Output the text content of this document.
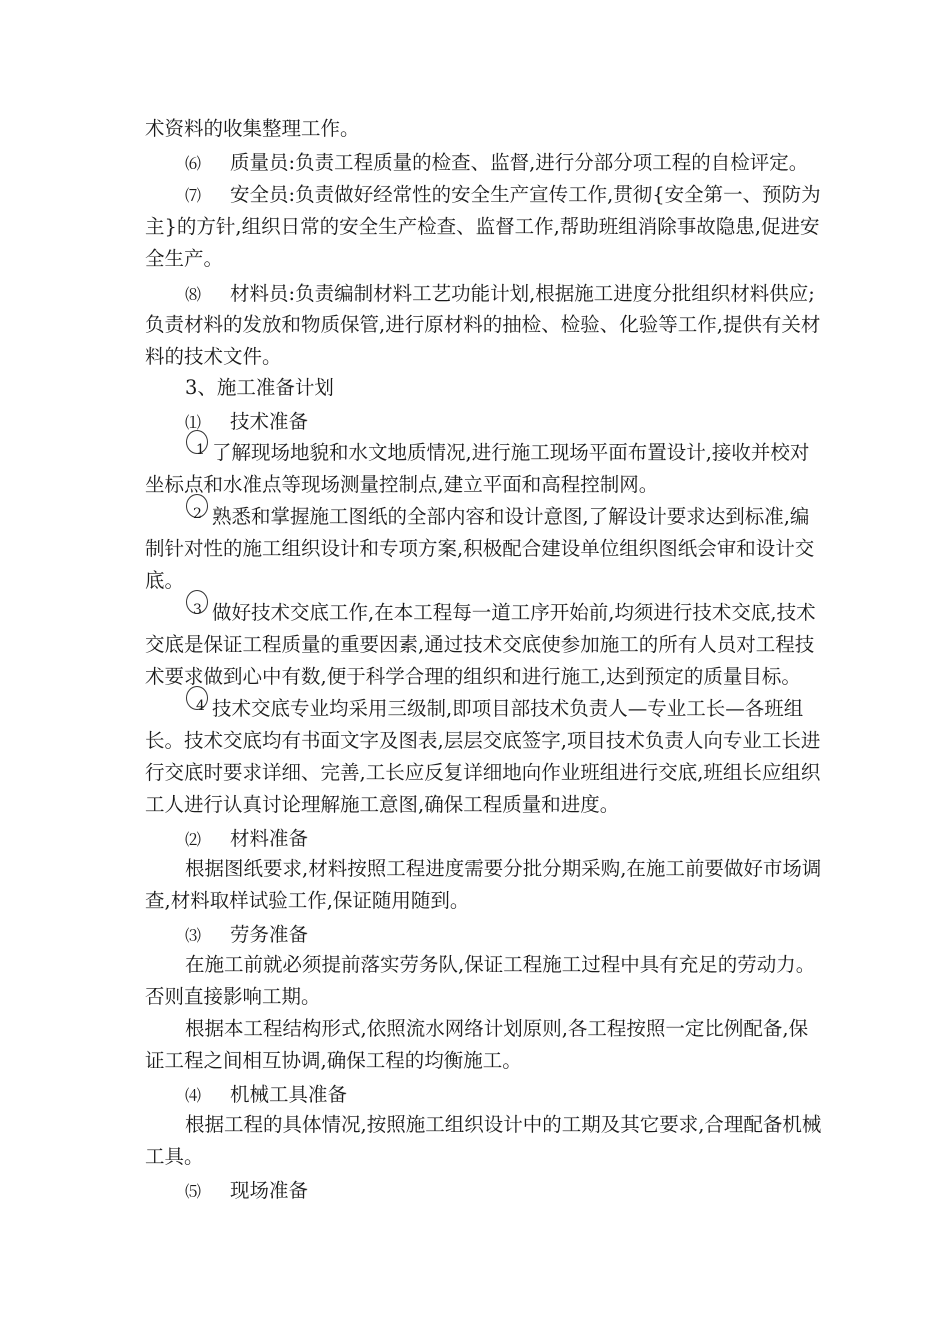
术资料的收集整理工作。
⑹ 质量员:负责工程质量的检查、监督,进行分部分项工程的自检评定。
⑺ 安全员:负责做好经常性的安全生产宣传工作,贯彻{安全第一、预防为
主}的方针,组织日常的安全生产检查、监督工作,帮助班组消除事故隐患,促进安
全生产。
⑻ 材料员:负责编制材料工艺功能计划,根据施工进度分批组织材料供应;
负责材料的发放和物质保管,进行原材料的抽检、检验、化验等工作,提供有关材
料的技术文件。
3、施工准备计划
⑴ 技术准备
1 了解现场地貌和水文地质情况,进行施工现场平面布置设计,接收并校对
坐标点和水准点等现场测量控制点,建立平面和高程控制网。
2 熟悉和掌握施工图纸的全部内容和设计意图,了解设计要求达到标准,编
制针对性的施工组织设计和专项方案,积极配合建设单位组织图纸会审和设计交
底。
3 做好技术交底工作,在本工程每一道工序开始前,均须进行技术交底,技术
交底是保证工程质量的重要因素,通过技术交底使参加施工的所有人员对工程技
术要求做到心中有数,便于科学合理的组织和进行施工,达到预定的质量目标。
4 技术交底专业均采用三级制,即项目部技术负责人—专业工长—各班组
长。技术交底均有书面文字及图表,层层交底签字,项目技术负责人向专业工长进
行交底时要求详细、完善,工长应反复详细地向作业班组进行交底,班组长应组织
工人进行认真讨论理解施工意图,确保工程质量和进度。
⑵ 材料准备
根据图纸要求,材料按照工程进度需要分批分期采购,在施工前要做好市场调
查,材料取样试验工作,保证随用随到。
⑶ 劳务准备
在施工前就必须提前落实劳务队,保证工程施工过程中具有充足的劳动力。
否则直接影响工期。
根据本工程结构形式,依照流水网络计划原则,各工程按照一定比例配备,保
证工程之间相互协调,确保工程的均衡施工。
⑷ 机械工具准备
根据工程的具体情况,按照施工组织设计中的工期及其它要求,合理配备机械
工具。
⑸ 现场准备
